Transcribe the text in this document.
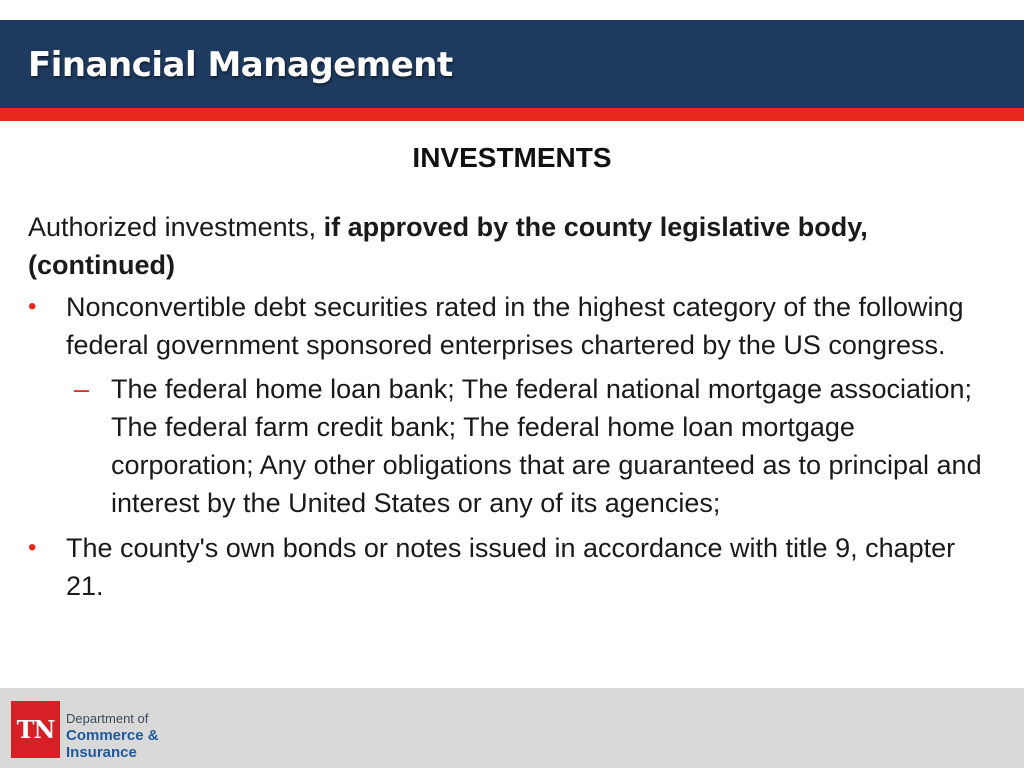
Financial Management
INVESTMENTS

Authorized investments, if approved by the county legislative body, (continued)

• Nonconvertible debt securities rated in the highest category of the following federal government sponsored enterprises chartered by the US congress.
– The federal home loan bank; The federal national mortgage association; The federal farm credit bank; The federal home loan mortgage corporation; Any other obligations that are guaranteed as to principal and interest by the United States or any of its agencies;
• The county's own bonds or notes issued in accordance with title 9, chapter 21.
TN Department of
Commerce &
Insurance
